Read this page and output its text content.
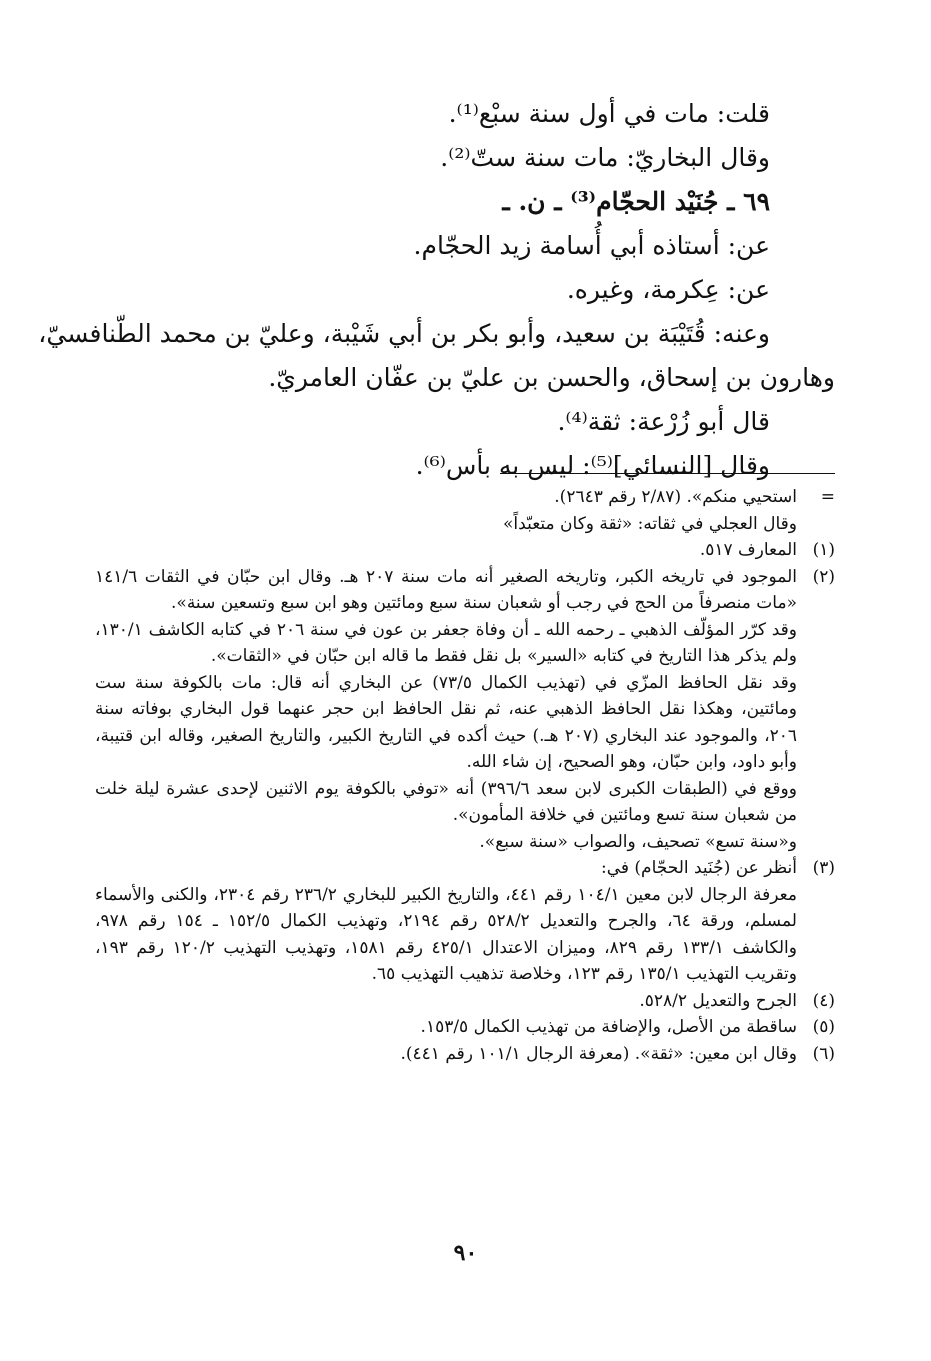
قلت: مات في أول سنة سبْع⁽¹⁾.
وقال البخاريّ: مات سنة ستّ⁽²⁾.
٦٩ ـ جُنَيْد الحجّام⁽³⁾ ـ ن. ـ
عن: أستاذه أبي أُسامة زيد الحجّام.
عن: عِكرمة، وغيره.
وعنه: قُتَيْبَة بن سعيد، وأبو بكر بن أبي شَيْبة، وعليّ بن محمد الطّنافسيّ،
وهارون بن إسحاق، والحسن بن عليّ بن عفّان العامريّ.
قال أبو زُرْعة: ثقة⁽⁴⁾.
وقال [النسائي]⁽⁵⁾: ليس به بأس⁽⁶⁾.
=

استحيي منكم». (٢/٨٧ رقم ٢٦٤٣).

وقال العجلي في ثقاته: «ثقة وكان متعبّداً»

(١)

المعارف ٥١٧.

(٢)

الموجود في تاريخه الكبر، وتاريخه الصغير أنه مات سنة ٢٠٧ هـ. وقال ابن حبّان في الثقات ١٤١/٦ «مات منصرفاً من الحج في رجب أو شعبان سنة سبع ومائتين وهو ابن سبع وتسعين سنة».

وقد كرّر المؤلّف الذهبي ـ رحمه الله ـ أن وفاة جعفر بن عون في سنة ٢٠٦ في كتابه الكاشف ١٣٠/١، ولم يذكر هذا التاريخ في كتابه «السير» بل نقل فقط ما قاله ابن حبّان في «الثقات».

وقد نقل الحافظ المزّي في (تهذيب الكمال ٧٣/٥) عن البخاري أنه قال: مات بالكوفة سنة ست ومائتين، وهكذا نقل الحافظ الذهبي عنه، ثم نقل الحافظ ابن حجر عنهما قول البخاري بوفاته سنة ٢٠٦، والموجود عند البخاري (٢٠٧ هـ.) حيث أكده في التاريخ الكبير، والتاريخ الصغير، وقاله ابن قتيبة، وأبو داود، وابن حبّان، وهو الصحيح، إن شاء الله.

ووقع في (الطبقات الكبرى لابن سعد ٣٩٦/٦) أنه «توفي بالكوفة يوم الاثنين لإحدى عشرة ليلة خلت من شعبان سنة تسع ومائتين في خلافة المأمون».

و«سنة تسع» تصحيف، والصواب «سنة سبع».

(٣)

أنظر عن (جُنَيد الحجّام) في:

معرفة الرجال لابن معين ١٠٤/١ رقم ٤٤١، والتاريخ الكبير للبخاري ٢٣٦/٢ رقم ٢٣٠٤، والكنى والأسماء لمسلم، ورقة ٦٤، والجرح والتعديل ٥٢٨/٢ رقم ٢١٩٤، وتهذيب الكمال ١٥٢/٥ ـ ١٥٤ رقم ٩٧٨، والكاشف ١٣٣/١ رقم ٨٢٩، وميزان الاعتدال ٤٢٥/١ رقم ١٥٨١، وتهذيب التهذيب ١٢٠/٢ رقم ١٩٣، وتقريب التهذيب ١٣٥/١ رقم ١٢٣، وخلاصة تذهيب التهذيب ٦٥.

(٤)

الجرح والتعديل ٥٢٨/٢.

(٥)

ساقطة من الأصل، والإضافة من تهذيب الكمال ١٥٣/٥.

(٦)

وقال ابن معين: «ثقة». (معرفة الرجال ١٠١/١ رقم ٤٤١).

٩٠
